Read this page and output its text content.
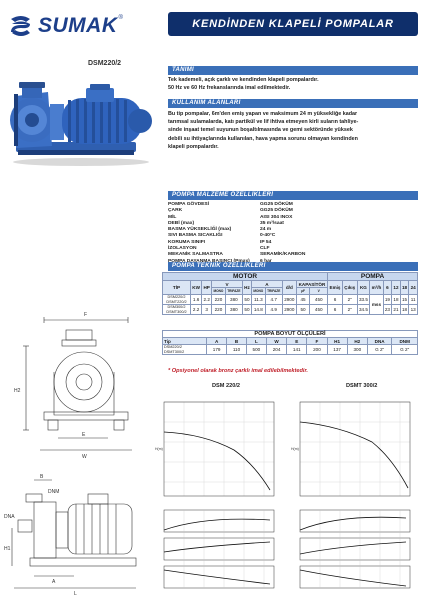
SUMAK ®	KENDİNDEN KLAPELİ POMPALAR
DSM220/2
TANIMI
Tek kademeli, açık çarklı ve kendinden klapeli pompalardır.
50 Hz ve 60 Hz frekanslarında imal edilmektedir.
KULLANIM ALANLARI
Bu tip pompalar, 6m'den emiş yapan ve maksimum 24 m yüksekliğe kadar
tarımsal sulamalarda, katı partikül ve lif ihtiva etmeyen kirli suların tahliye-
sinde inşaat temel suyunun boşaltılmasında ve gemi sektöründe yüksek
debili su ihtiyaçlarında kullanılan, hava yapma sorunu olmayan kendinden
klapeli pompalardır.
POMPA MALZEME ÖZELLİKLERİ
POMPA GÖVDESİ	GG25 DÖKÜM
ÇARK	GG25 DÖKÜM
MİL	AISI 304 INOX
DEBİ (max)	35 m³/saat
BASMA YÜKSEKLİĞİ (max)	24 m
SIVI BASMA SICAKLIĞI	0-40°C
KORUMA SINIFI	IP 54
İZOLASYON	CLF
MEKANİK SALMASTRA	SERAMİK/KARBON
POMPA TEKNİK ÖZELLİKLERİ
MOTOR											POMPA							
TİP	KW	HP	V		Hz	A		d/d	KAPASİTÖR		Emiş	Çıkış	KG	m³/h	6	12	18	24
			MONO	TRIFAZE		MONO	TRIFAZE		µF	V								

DSM220/2
DSMT220/2	1.6	2.2	220	380	50	11.3	4.7	2900	45	450	6	2"	33.5	mss	19	18	15	11

DSM300/2
DSMT300/2	2.2	3	220	380	50	14.8	4.9	2900	50	450	6	2"	34.5		23	21	18	13
POMPA BOYUT ÖLÇÜLERİ										
Tip	A	B	L	W	E	F	H1	H2	DNA	DNM

DSM220/2
DSMT300/2	179	110	500	204	141	200	137	300	G 2"	G 2"
* Opsiyonel olarak bronz çarklı imal edilebilmektedir.
F
H2
E
W
B
DNM
DNA
H1
A
L
DSM 220/2	DSMT 300/2
H(m)	H(m)
